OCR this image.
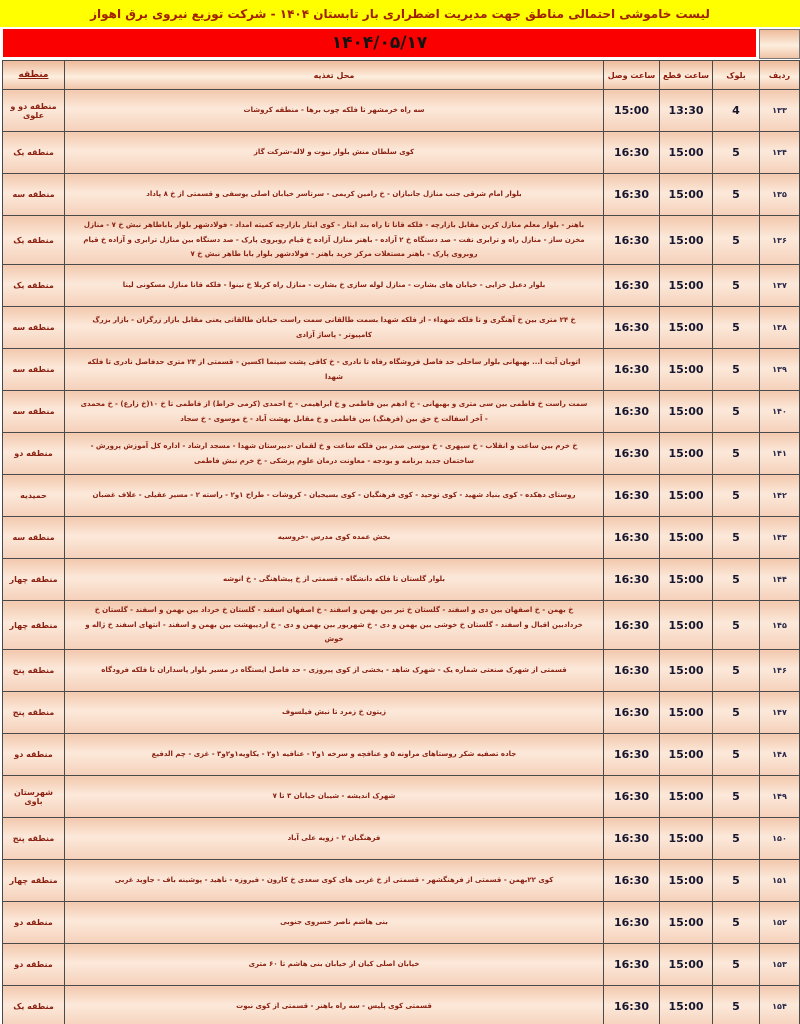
لیست خاموشی احتمالی مناطق جهت مدیریت اضطراری بار تابستان ۱۴۰۴ - شرکت توزیع نیروی برق اهواز
۱۴۰۴/۰۵/۱۷
ردیف	بلوک	ساعت قطع	ساعت وصل	محل تغذیه	منطقه
۱۳۳	4	13:30	15:00	سه راه خرمشهر تا فلکه چوب برها - منطقه کروشات	منطقه دو و علوی
۱۳۴	5	15:00	16:30	کوی سلطان منش بلوار نبوت و لاله-شرکت گاز	منطقه یک
۱۳۵	5	15:00	16:30	بلوار امام شرقی جنب منازل جانبازان - خ رامین کریمی - سرتاسر خیابان اصلی یوسفی و قسمتی از خ ۸ پاداد	منطقه سه
۱۳۶	5	15:00	16:30	باهنر - بلوار معلم منازل کرین مقابل بازارچه - فلکه قانا تا راه بند ایثار - کوی ایثار بازارچه کمیته امداد - فولادشهر بلوار باباطاهر نبش خ ۷ - منازل مخزن ساز - منازل راه و ترابری نفت - صد دستگاه خ ۲ آزاده - باهنر منازل آزاده خ قیام روبروی پارک - صد دستگاه بین منازل ترابری و آزاده خ قیام روبروی پارک - باهنر مستغلات مرکز خرید باهنر - فولادشهر بلوار بابا طاهر نبش خ ۷	منطقه یک
۱۳۷	5	15:00	16:30	بلوار دعبل خزایی - خیابان های بشارت - منازل لوله سازی خ بشارت - منازل راه کربلا خ نینوا - فلکه قانا منازل مسکونی لینا	منطقه یک
۱۳۸	5	15:00	16:30	خ ۲۴ متری بین خ آهنگری و تا فلکه شهداء - از فلکه شهدا بسمت طالقانی سمت راست خیابان طالقانی یعنی مقابل بازار زرگران - بازار بزرگ کامپیوتر - پاساژ آزادی	منطقه سه
۱۳۹	5	15:00	16:30	اتوبان آیت ا... بهبهانی بلوار ساحلی حد فاصل فروشگاه رفاه تا نادری - خ کافی پشت سینما اکسین - قسمتی از ۲۴ متری حدفاصل نادری تا فلکه شهدا	منطقه سه
۱۴۰	5	15:00	16:30	سمت راست خ فاطمی بین سی متری و بهبهانی - خ ادهم بین فاطمی و خ ابراهیمی - خ احمدی (کرمی خراط) از فاطمی تا خ ۱۰(خ زارع) - خ محمدی - آخر اسفالت خ حق بین (فرهنگ) بین فاطمی و خ مقابل بهشت آباد - خ موسوی - خ سجاد	منطقه سه
۱۴۱	5	15:00	16:30	خ خرم بین ساعت و انقلاب - خ سپهری - خ موسی صدر بین فلکه ساعت و خ لقمان -دبیرستان شهدا - مسجد ارشاد - اداره کل آموزش پرورش - ساختمان جدید برنامه و بودجه - معاونت درمان علوم پزشکی - خ خرم نبش فاطمی	منطقه دو
۱۴۲	5	15:00	16:30	روستای دهکده - کوی بنیاد شهید - کوی توحید - کوی فرهنگیان - کوی بسیجیان - کروشات - طراح ۱و۲ - راسته ۲ - مسیر عقیلی - علاف غضبان	حمیدیه
۱۴۳	5	15:00	16:30	بخش عمده کوی مدرس -خروسیه	منطقه سه
۱۴۴	5	15:00	16:30	بلوار گلستان تا فلکه دانشگاه - قسمتی از خ پیشاهنگی - خ انوشه	منطقه چهار
۱۴۵	5	15:00	16:30	خ بهمن - خ اصفهان بین دی و اسفند - گلستان خ تیر بین بهمن و اسفند - خ اصفهان اسفند - گلستان خ خرداد بین بهمن و اسفند - گلستان خ خردادبین اقبال و اسفند - گلستان خ خوشی بین بهمن و دی - خ شهریور بین بهمن و دی - خ اردیبهشت بین بهمن و اسفند - انتهای اسفند خ ژاله و خوش	منطقه چهار
۱۴۶	5	15:00	16:30	قسمتی از شهرک صنعتی شماره یک - شهرک شاهد - بخشی از کوی پیروزی - حد فاصل ایستگاه در مسیر بلوار پاسداران تا فلکه فرودگاه	منطقه پنج
۱۴۷	5	15:00	16:30	زیتون خ زمرد تا نبش فیلسوف	منطقه پنج
۱۴۸	5	15:00	16:30	جاده تصفیه شکر روستاهای مراونه ۵ و عنافچه و سرخه ۱و۲ - عنافیه ۱و۲ - یکاویه۱و۲و۳ - غزی - چم الدفیع	منطقه دو
۱۴۹	5	15:00	16:30	شهرک اندیشه - شیبان خیابان ۳ تا ۷	شهرستان باوی
۱۵۰	5	15:00	16:30	فرهنگیان ۲ - زویه علی آباد	منطقه پنج
۱۵۱	5	15:00	16:30	کوی ۲۲بهمن - قسمتی از فرهنگشهر - قسمتی از خ غربی های کوی سعدی خ کارون - فیروزه - ناهید - پوشینه باف - جاوید غربی	منطقه چهار
۱۵۲	5	15:00	16:30	بنی هاشم ناصر خسروی جنوبی	منطقه دو
۱۵۳	5	15:00	16:30	خیابان اصلی کیان از خیابان بنی هاشم تا ۶۰ متری	منطقه دو
۱۵۴	5	15:00	16:30	قسمتی کوی پلیس - سه راه باهنر - قسمتی از کوی نبوت	منطقه یک
